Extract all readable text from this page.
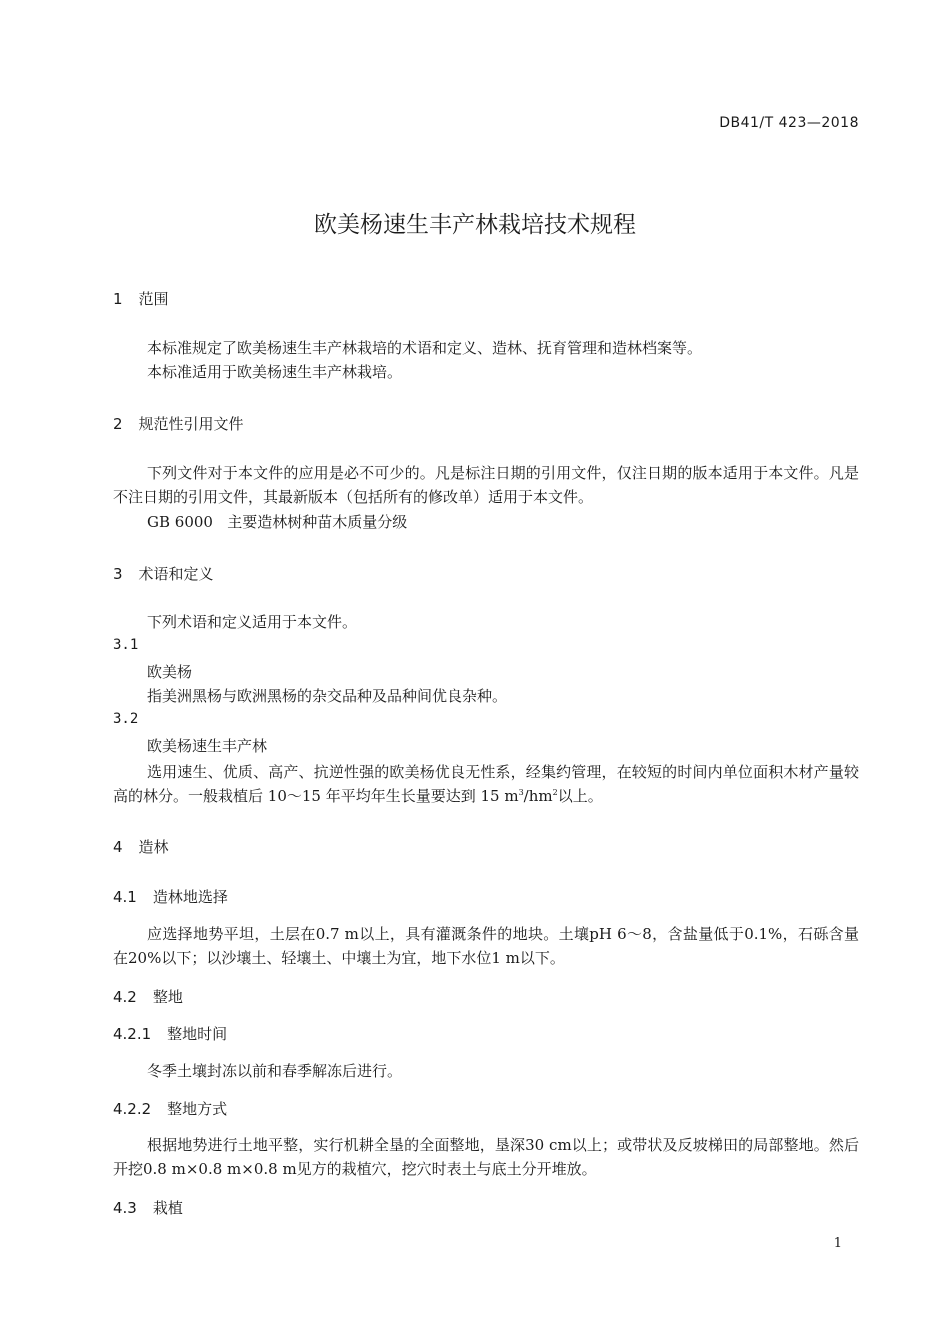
DB41/T 423—2018
欧美杨速生丰产林栽培技术规程
1 范围
本标准规定了欧美杨速生丰产林栽培的术语和定义、造林、抚育管理和造林档案等。
本标准适用于欧美杨速生丰产林栽培。
2 规范性引用文件
下列文件对于本文件的应用是必不可少的。凡是标注日期的引用文件，仅注日期的版本适用于本文件。凡是不注日期的引用文件，其最新版本（包括所有的修改单）适用于本文件。
GB 6000 主要造林树种苗木质量分级
3 术语和定义
下列术语和定义适用于本文件。
3.1
欧美杨
指美洲黑杨与欧洲黑杨的杂交品种及品种间优良杂种。
3.2
欧美杨速生丰产林
选用速生、优质、高产、抗逆性强的欧美杨优良无性系，经集约管理，在较短的时间内单位面积木材产量较高的林分。一般栽植后 10～15 年平均年生长量要达到 15 $m^3/hm^2$以上。
4 造林
4.1 造林地选择
应选择地势平坦，土层在0.7 m以上，具有灌溉条件的地块。土壤pH 6～8，含盐量低于0.1%，石砾含量在20%以下；以沙壤土、轻壤土、中壤土为宜，地下水位1 m以下。
4.2 整地
4.2.1 整地时间
冬季土壤封冻以前和春季解冻后进行。
4.2.2 整地方式
根据地势进行土地平整，实行机耕全垦的全面整地，垦深30 cm以上；或带状及反坡梯田的局部整地。然后开挖0.8 m×0.8 m×0.8 m见方的栽植穴，挖穴时表土与底土分开堆放。
4.3 栽植
1
